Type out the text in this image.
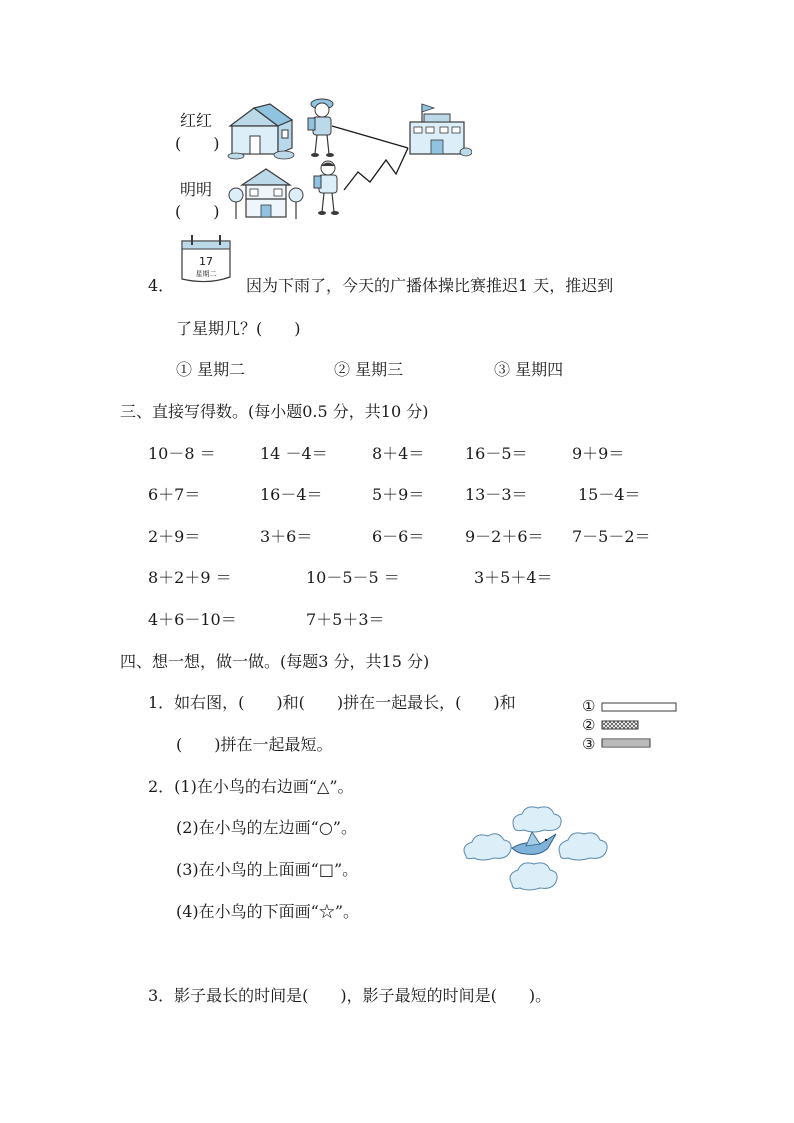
红红
(　　)
明明
(　　)
17
星期二
4．	因为下雨了，今天的广播体操比赛推迟1 天，推迟到
了星期几？(　　)
① 星期二	② 星期三	③ 星期四
三、直接写得数。(每小题0.5 分，共10 分)
10－8 ＝	14 －4＝	8＋4＝	16－5＝	9＋9＝
6＋7＝	16－4＝	5＋9＝	13－3＝	15－4＝
2＋9＝	3＋6＝	6－6＝	9－2＋6＝ 7－5－2＝
8＋2＋9 ＝	10－5－5 ＝	3＋5＋4＝
4＋6－10＝	7＋5＋3＝
四、想一想，做一做。(每题3 分，共15 分)
1．如右图，(　　)和(　　)拼在一起最长，(　　)和
(　　)拼在一起最短。
①
②
③
2．(1)在小鸟的右边画“△”。
(2)在小鸟的左边画“○”。
(3)在小鸟的上面画“□”。
(4)在小鸟的下面画“☆”。
3．影子最长的时间是(　　)，影子最短的时间是(　　)。
